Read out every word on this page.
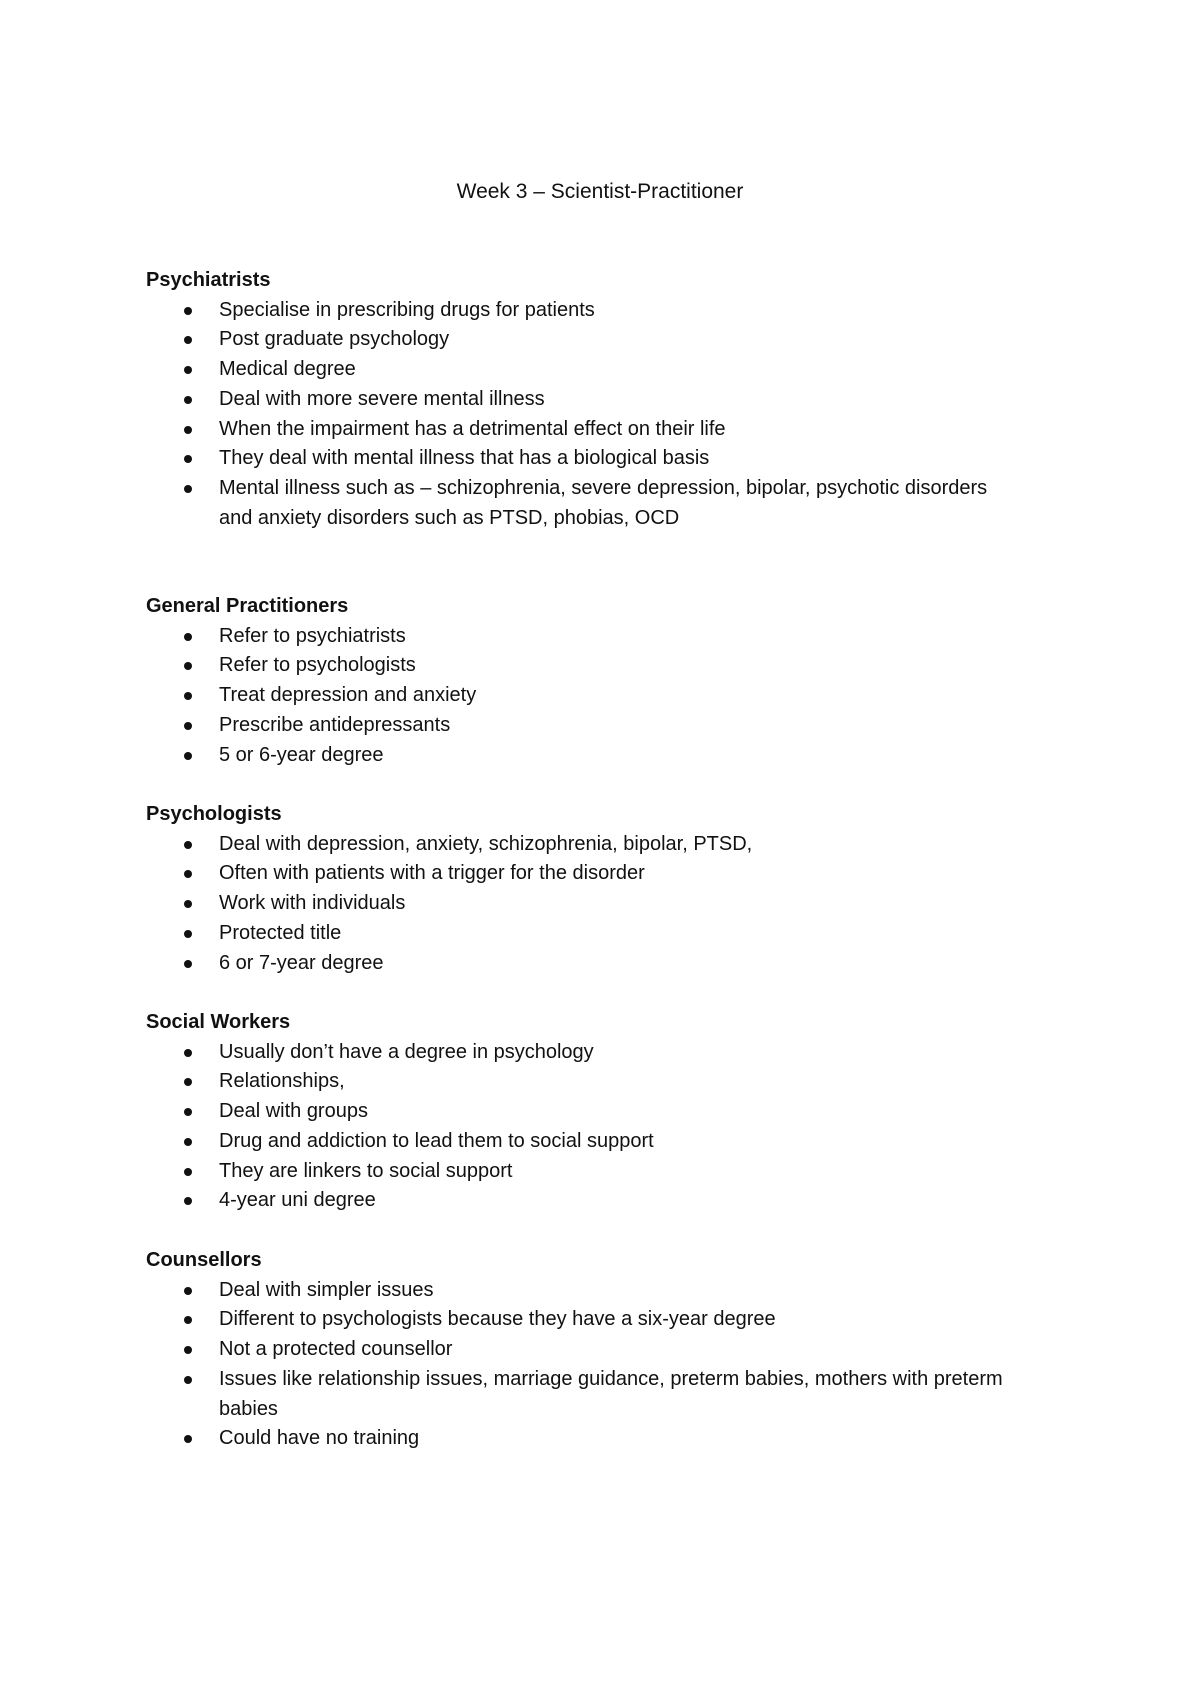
Week 3 – Scientist-Practitioner
Psychiatrists
Specialise in prescribing drugs for patients
Post graduate psychology
Medical degree
Deal with more severe mental illness
When the impairment has a detrimental effect on their life
They deal with mental illness that has a biological basis
Mental illness such as – schizophrenia, severe depression, bipolar, psychotic disorders and anxiety disorders such as PTSD, phobias, OCD
General Practitioners
Refer to psychiatrists
Refer to psychologists
Treat depression and anxiety
Prescribe antidepressants
5 or 6-year degree
Psychologists
Deal with depression, anxiety, schizophrenia, bipolar, PTSD,
Often with patients with a trigger for the disorder
Work with individuals
Protected title
6 or 7-year degree
Social Workers
Usually don’t have a degree in psychology
Relationships,
Deal with groups
Drug and addiction to lead them to social support
They are linkers to social support
4-year uni degree
Counsellors
Deal with simpler issues
Different to psychologists because they have a six-year degree
Not a protected counsellor
Issues like relationship issues, marriage guidance, preterm babies, mothers with preterm babies
Could have no training
